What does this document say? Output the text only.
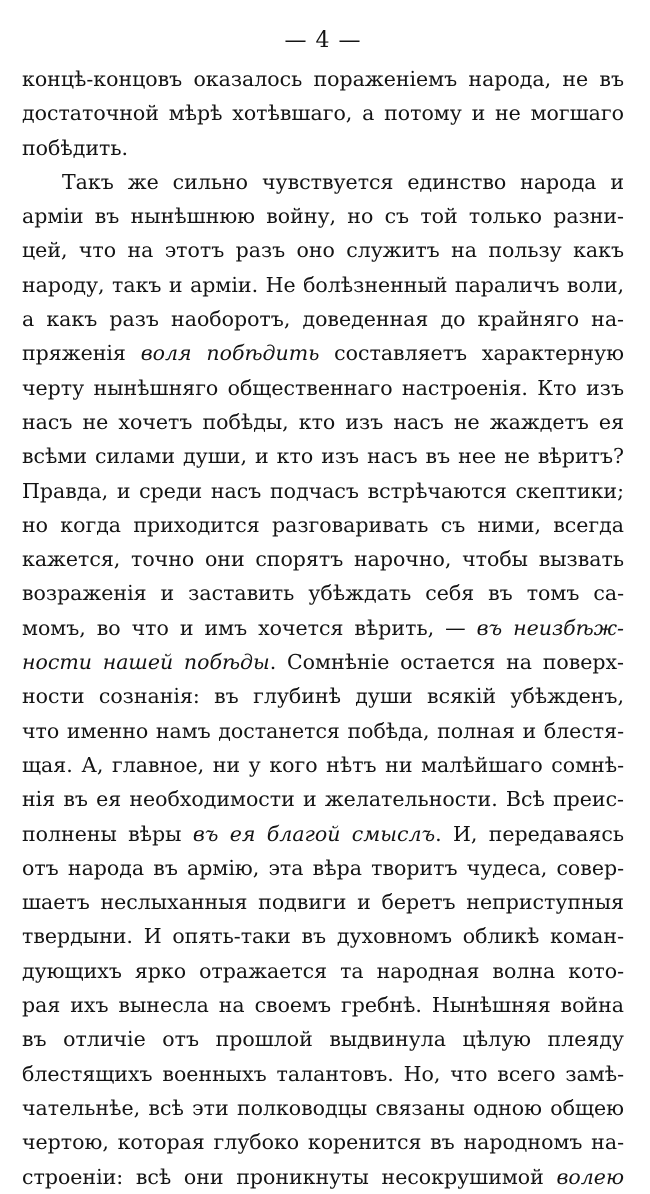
— 4 —
концѣ-концовъ оказалось пораженіемъ народа, не въ
достаточной мѣрѣ хотѣвшаго, а потому и не могшаго
побѣдить.
Такъ же сильно чувствуется единство народа и
арміи въ нынѣшнюю войну, но съ той только разни-
цей, что на этотъ разъ оно служитъ на пользу какъ
народу, такъ и арміи. Не болѣзненный параличъ воли,
а какъ разъ наоборотъ, доведенная до крайняго на-
пряженія воля побѣдить составляетъ характерную
черту нынѣшняго общественнаго настроенія. Кто изъ
насъ не хочетъ побѣды, кто изъ насъ не жаждетъ ея
всѣми силами души, и кто изъ насъ въ нее не вѣритъ?
Правда, и среди насъ подчасъ встрѣчаются скептики;
но когда приходится разговаривать съ ними, всегда
кажется, точно они спорятъ нарочно, чтобы вызвать
возраженія и заставить убѣждать себя въ томъ са-
момъ, во что и имъ хочется вѣрить, — въ неизбѣж-
ности нашей побѣды. Сомнѣніе остается на поверх-
ности сознанія: въ глубинѣ души всякій убѣжденъ,
что именно намъ достанется побѣда, полная и блестя-
щая. А, главное, ни у кого нѣтъ ни малѣйшаго сомнѣ-
нія въ ея необходимости и желательности. Всѣ преис-
полнены вѣры въ ея благой смыслъ. И, передаваясь
отъ народа въ армію, эта вѣра творитъ чудеса, совер-
шаетъ неслыханныя подвиги и беретъ неприступныя
твердыни. И опять-таки въ духовномъ обликѣ коман-
дующихъ ярко отражается та народная волна кото-
рая ихъ вынесла на своемъ гребнѣ. Нынѣшняя война
въ отличіе отъ прошлой выдвинула цѣлую плеяду
блестящихъ военныхъ талантовъ. Но, что всего замѣ-
чательнѣе, всѣ эти полководцы связаны одною общею
чертою, которая глубоко коренится въ народномъ на-
строеніи: всѣ они проникнуты несокрушимой волею
